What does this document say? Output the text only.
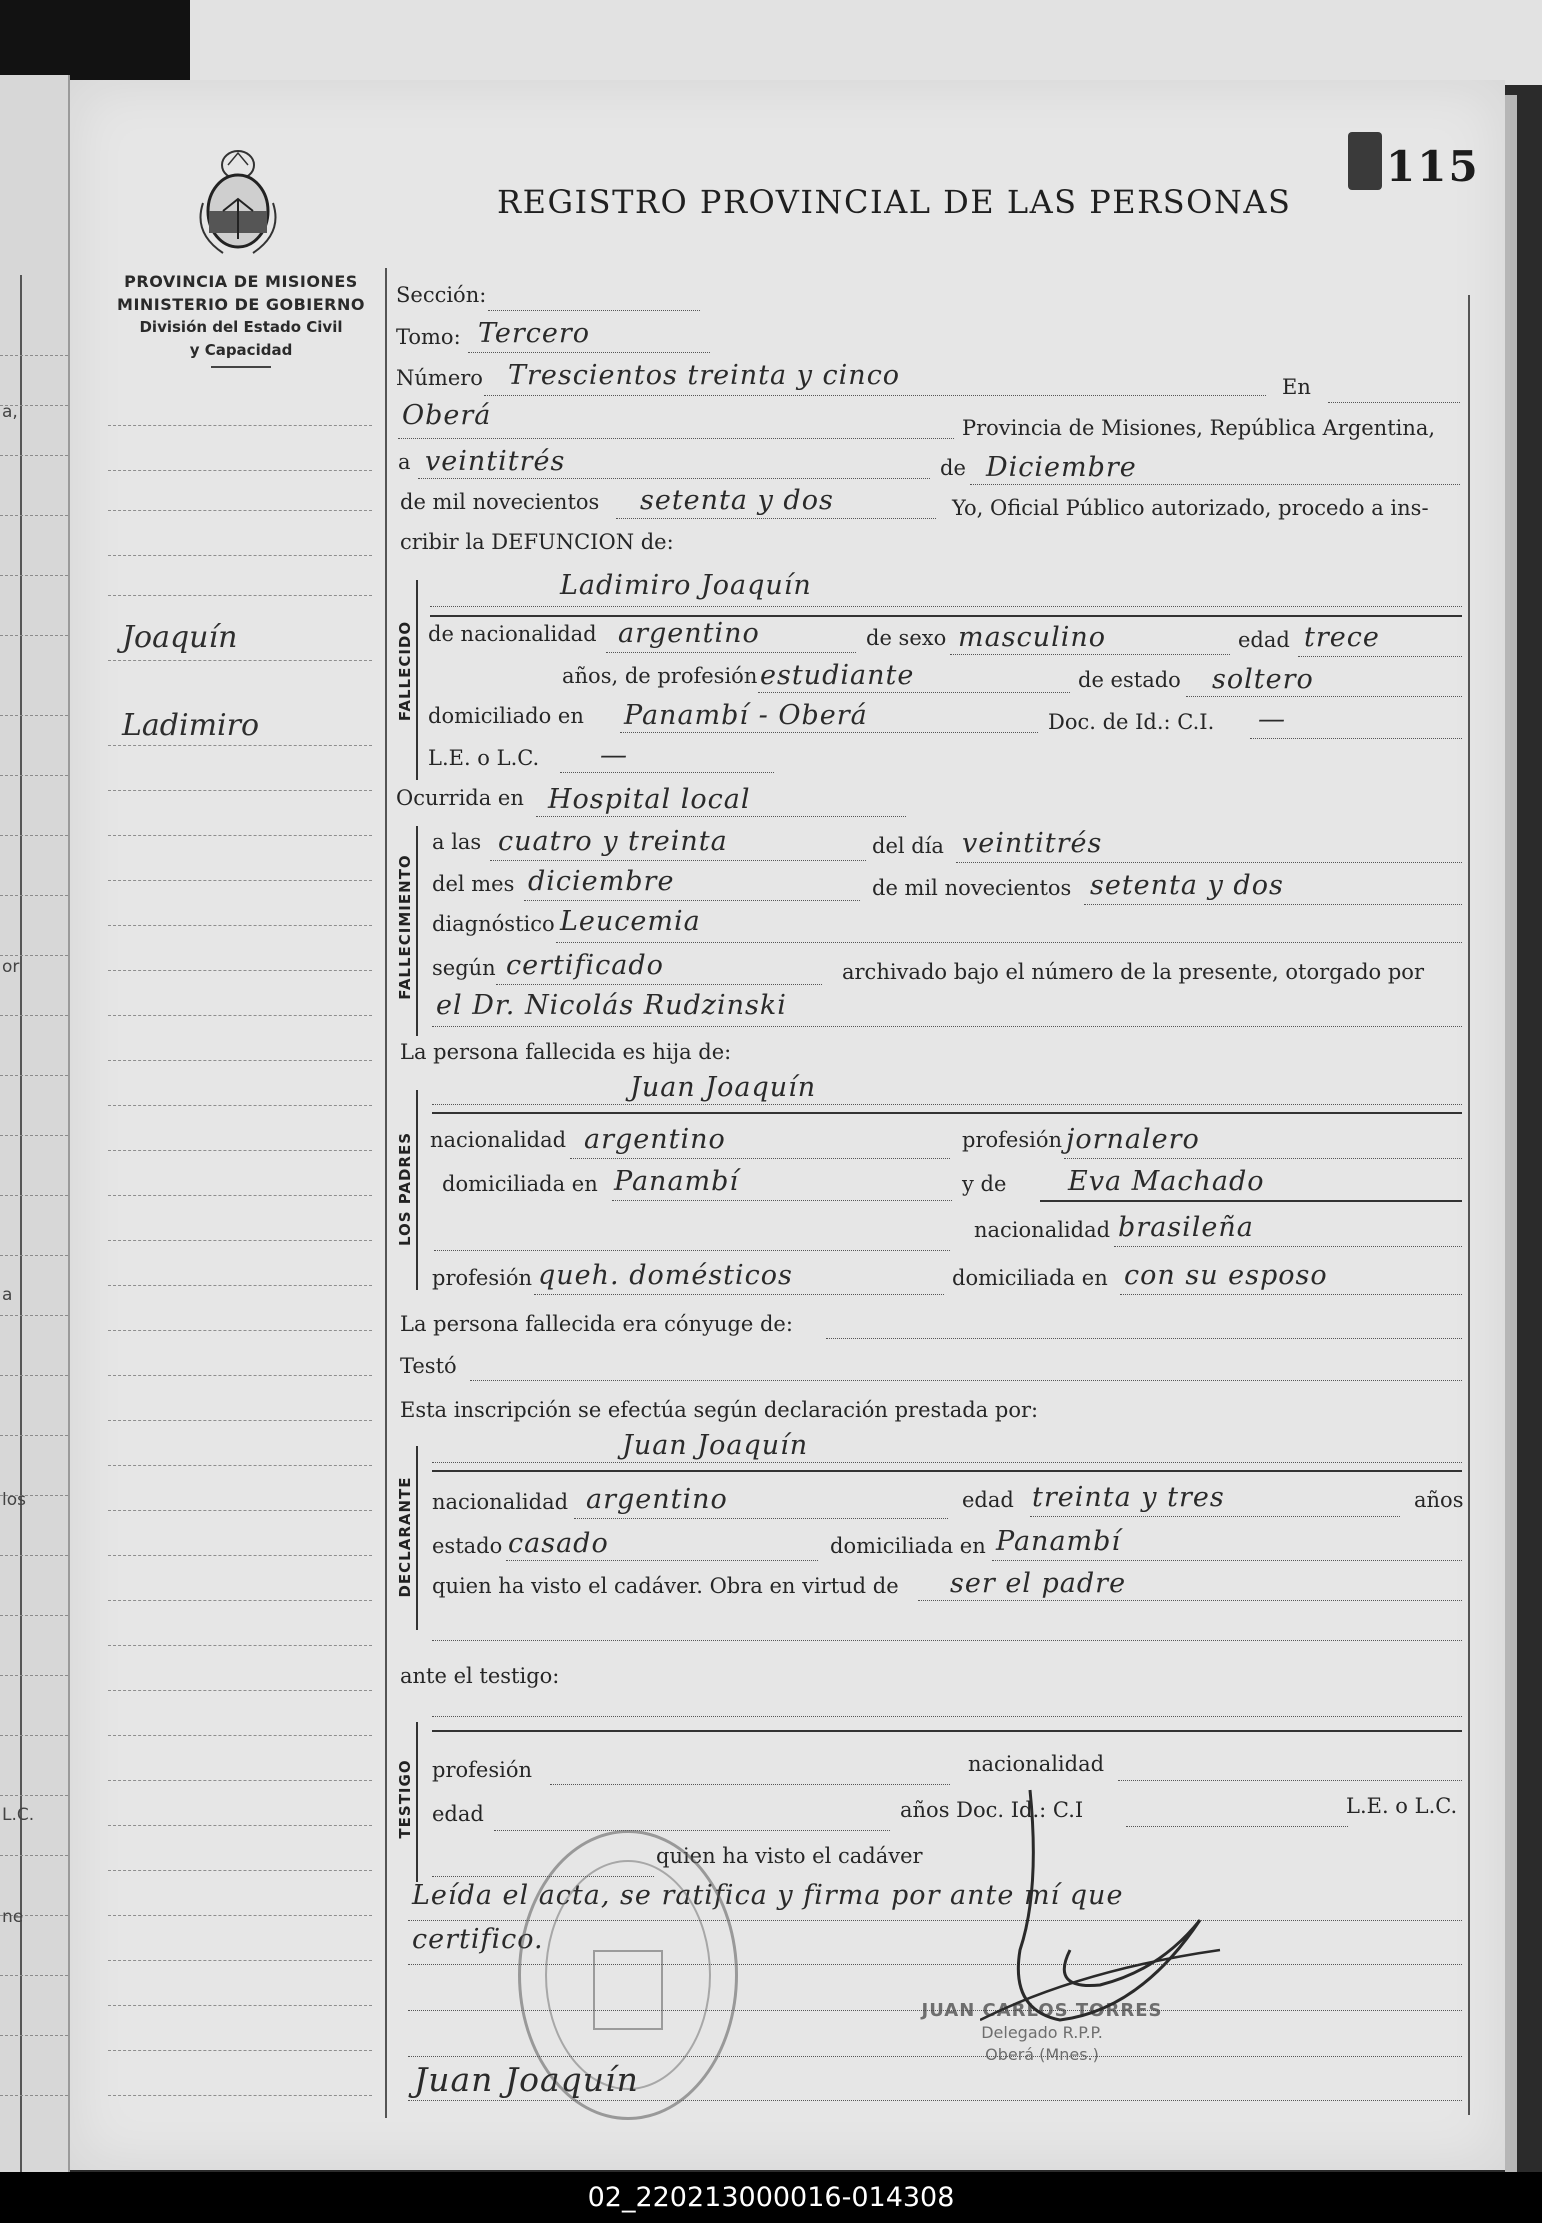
a,
or
a
los
L.C.
ne
115
REGISTRO PROVINCIAL DE LAS PERSONAS
PROVINCIA DE MISIONES
MINISTERIO DE GOBIERNO
División del Estado Civil
y Capacidad
Joaquín
Ladimiro
Sección:
Tomo: Tercero
Número Trescientos treinta y cinco	En
Oberá	Provincia de Misiones, República Argentina,
a veintitrés	de Diciembre
de mil novecientos setenta y dos	Yo, Oficial Público autorizado, procedo a ins-
cribir la DEFUNCION de:
FALLECIDO
Ladimiro Joaquín
de nacionalidad argentino	de sexo masculino	edad trece
años, de profesión estudiante	de estado soltero
domiciliado en Panambí - Oberá	Doc. de Id.: C.I. —
L.E. o L.C. —
Ocurrida en Hospital local
FALLECIMIENTO
a las cuatro y treinta	del día veintitrés
del mes diciembre	de mil novecientos setenta y dos
diagnóstico Leucemia
según certificado	archivado bajo el número de la presente, otorgado por
el Dr. Nicolás Rudzinski
La persona fallecida es hija de:
LOS PADRES
Juan Joaquín
nacionalidad argentino	profesión jornalero
domiciliada en Panambí	y de Eva Machado
nacionalidad brasileña
profesión queh. domésticos	domiciliada en con su esposo
La persona fallecida era cónyuge de:
Testó
Esta inscripción se efectúa según declaración prestada por:
DECLARANTE
Juan Joaquín
nacionalidad argentino	edad treinta y tres	años
estado casado	domiciliada en Panambí
quien ha visto el cadáver. Obra en virtud de ser el padre
ante el testigo:
TESTIGO profesión	nacionalidad
edad	años Doc. Id.: C.I	L.E. o L.C.
quien ha visto el cadáver
Leída el acta, se ratifica y firma por ante mí que
certifico.
JUAN CARLOS TORRES
Delegado R.P.P.
Oberá (Mnes.)
Juan Joaquín
02_220213000016-014308
